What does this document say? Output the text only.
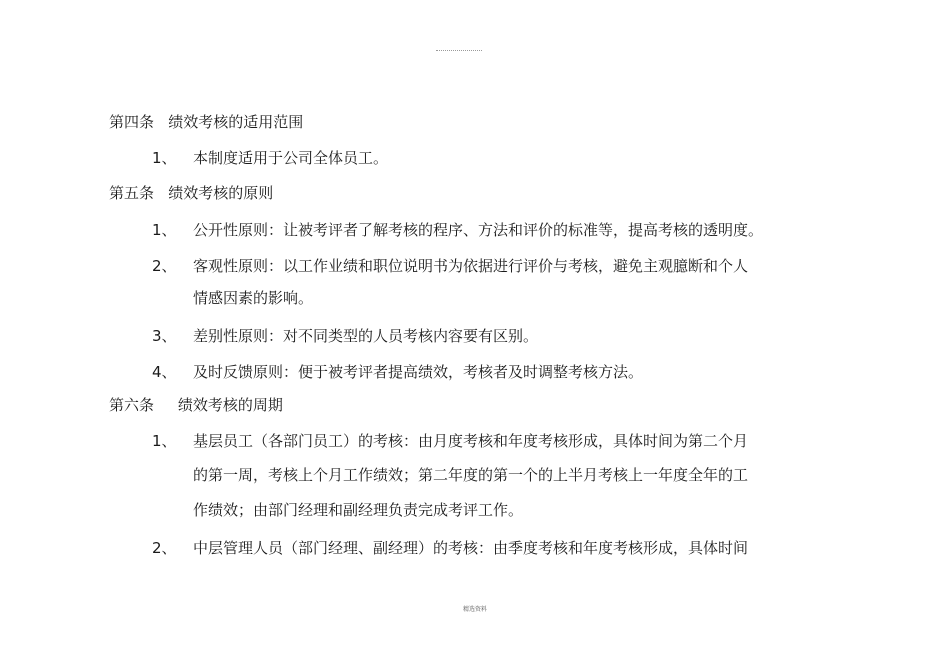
第四条   绩效考核的适用范围
1、 本制度适用于公司全体员工。
第五条   绩效考核的原则
1、 公开性原则：让被考评者了解考核的程序、方法和评价的标准等，提高考核的透明度。
2、 客观性原则：以工作业绩和职位说明书为依据进行评价与考核，避免主观臆断和个人
情感因素的影响。
3、 差别性原则：对不同类型的人员考核内容要有区别。
4、 及时反馈原则：便于被考评者提高绩效，考核者及时调整考核方法。
第六条     绩效考核的周期
1、 基层员工（各部门员工）的考核：由月度考核和年度考核形成，具体时间为第二个月
的第一周，考核上个月工作绩效；第二年度的第一个的上半月考核上一年度全年的工
作绩效；由部门经理和副经理负责完成考评工作。
2、 中层管理人员（部门经理、副经理）的考核：由季度考核和年度考核形成，具体时间
精选资料
